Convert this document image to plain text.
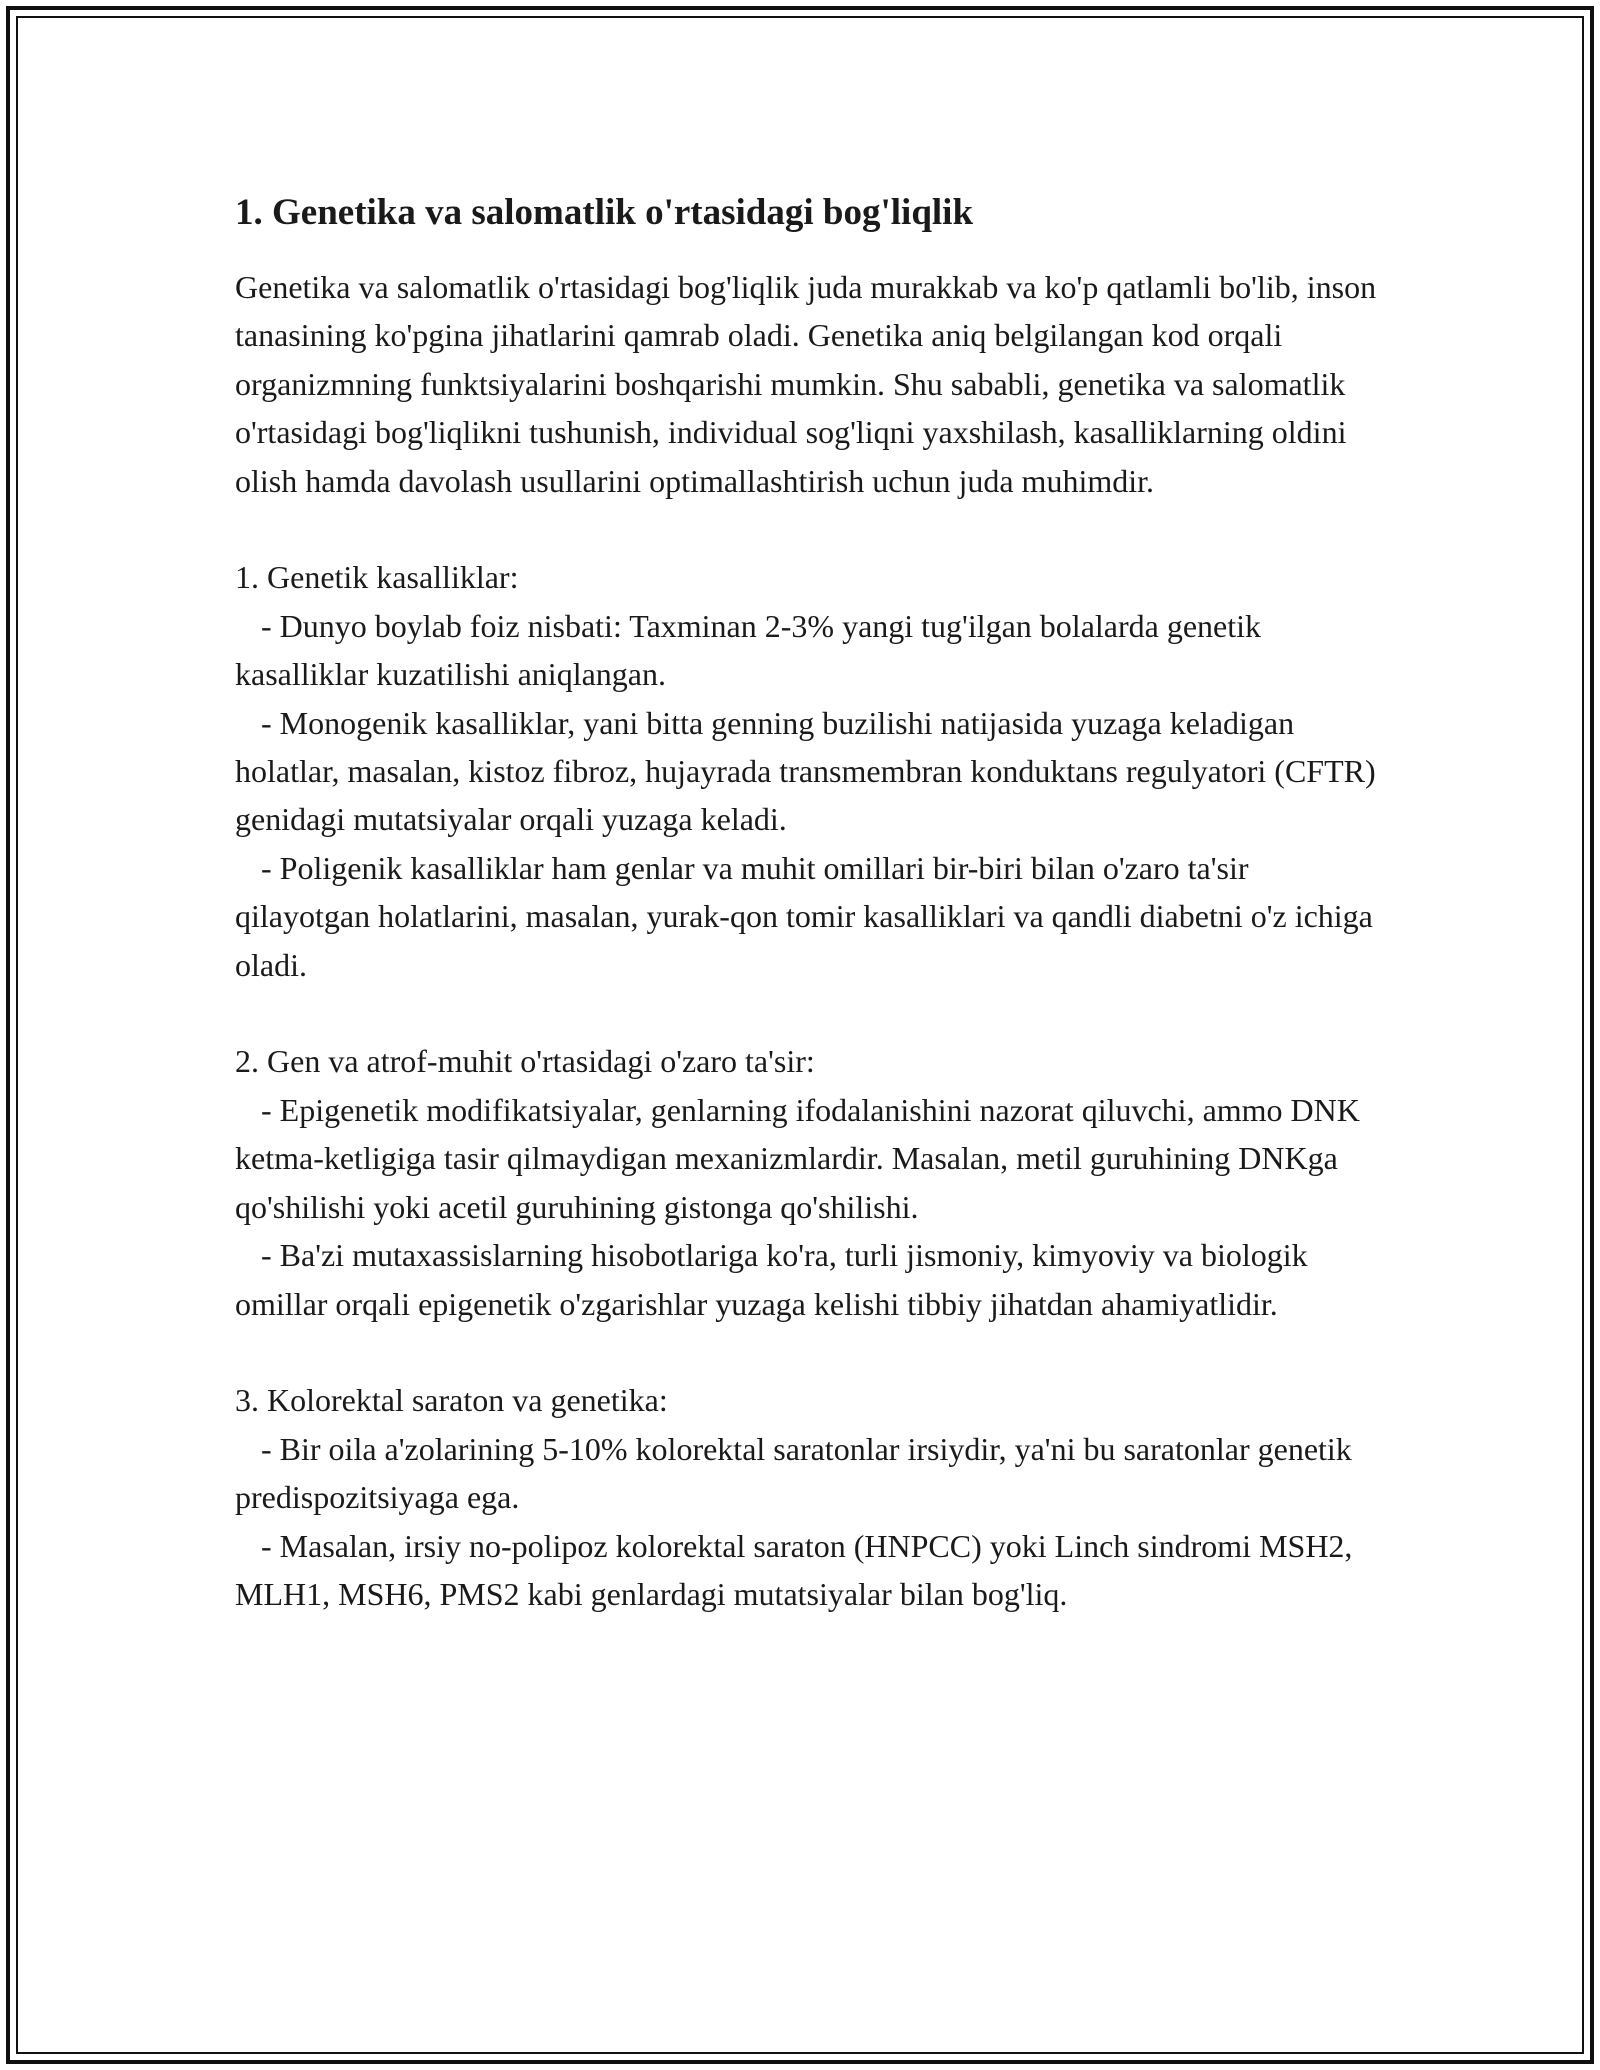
1. Genetika va salomatlik o'rtasidagi bog'liqlik

Genetika va salomatlik o'rtasidagi bog'liqlik juda murakkab va ko'p qatlamli bo'lib, inson tanasining ko'pgina jihatlarini qamrab oladi. Genetika aniq belgilangan kod orqali organizmning funktsiyalarini boshqarishi mumkin. Shu sababli, genetika va salomatlik o'rtasidagi bog'liqlikni tushunish, individual sog'liqni yaxshilash, kasalliklarning oldini olish hamda davolash usullarini optimallashtirish uchun juda muhimdir.

1. Genetik kasalliklar:

- Dunyo boylab foiz nisbati: Taxminan 2-3% yangi tug'ilgan bolalarda genetik kasalliklar kuzatilishi aniqlangan.

- Monogenik kasalliklar, yani bitta genning buzilishi natijasida yuzaga keladigan holatlar, masalan, kistoz fibroz, hujayrada transmembran konduktans regulyatori (CFTR) genidagi mutatsiyalar orqali yuzaga keladi.

- Poligenik kasalliklar ham genlar va muhit omillari bir-biri bilan o'zaro ta'sir qilayotgan holatlarini, masalan, yurak-qon tomir kasalliklari va qandli diabetni o'z ichiga oladi.

2. Gen va atrof-muhit o'rtasidagi o'zaro ta'sir:

- Epigenetik modifikatsiyalar, genlarning ifodalanishini nazorat qiluvchi, ammo DNK ketma-ketligiga tasir qilmaydigan mexanizmlardir. Masalan, metil guruhining DNKga qo'shilishi yoki acetil guruhining gistonga qo'shilishi.

- Ba'zi mutaxassislarning hisobotlariga ko'ra, turli jismoniy, kimyoviy va biologik omillar orqali epigenetik o'zgarishlar yuzaga kelishi tibbiy jihatdan ahamiyatlidir.

3. Kolorektal saraton va genetika:

- Bir oila a'zolarining 5-10% kolorektal saratonlar irsiydir, ya'ni bu saratonlar genetik predispozitsiyaga ega.

- Masalan, irsiy no-polipoz kolorektal saraton (HNPCC) yoki Linch sindromi MSH2, MLH1, MSH6, PMS2 kabi genlardagi mutatsiyalar bilan bog'liq.
